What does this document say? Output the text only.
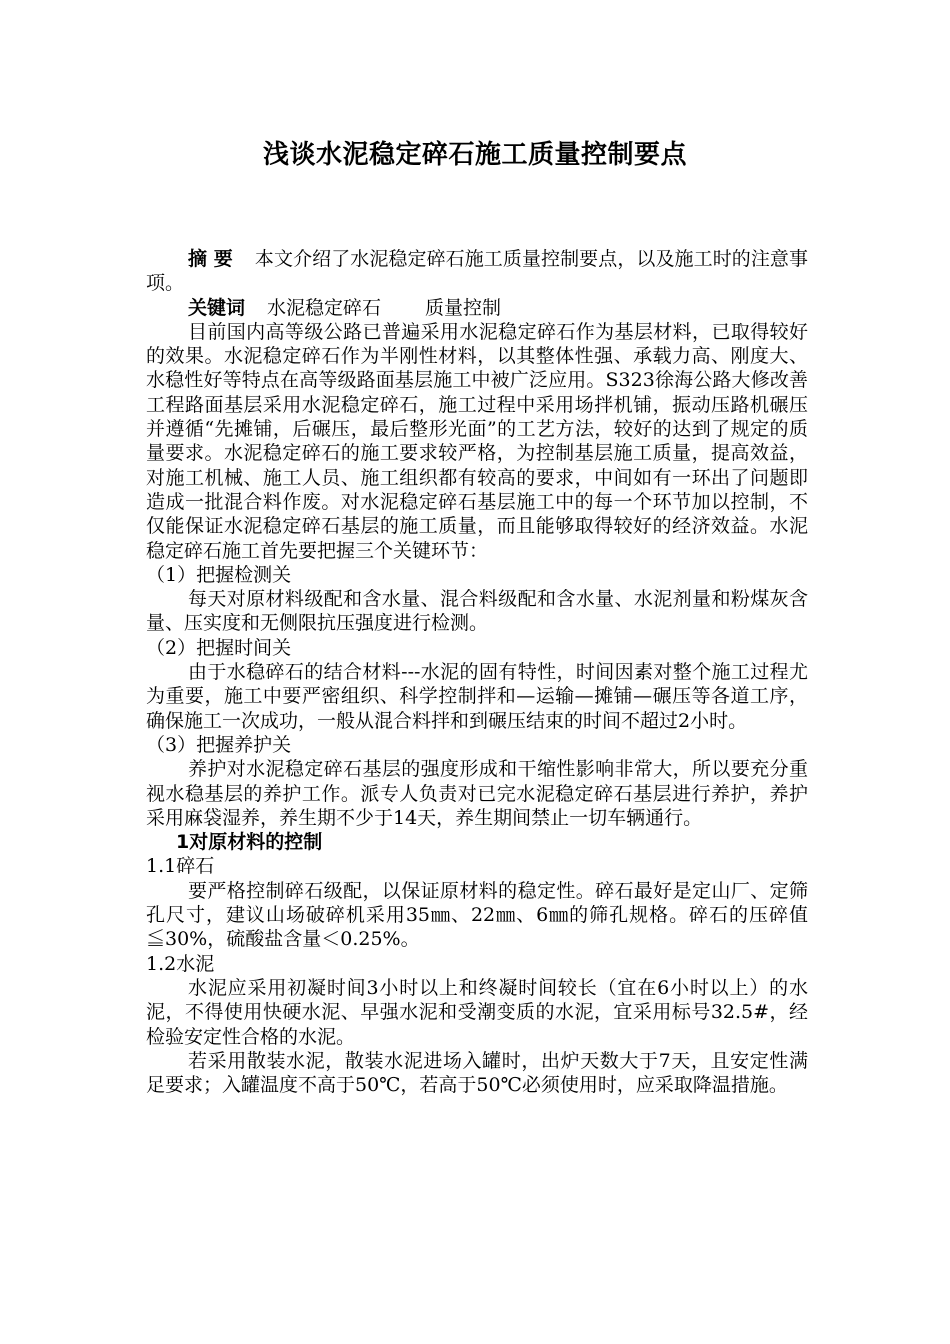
浅谈水泥稳定碎石施工质量控制要点

摘 要 本文介绍了水泥稳定碎石施工质量控制要点，以及施工时的注意事项。

关键词 水泥稳定碎石 质量控制

目前国内高等级公路已普遍采用水泥稳定碎石作为基层材料，已取得较好的效果。水泥稳定碎石作为半刚性材料，以其整体性强、承载力高、刚度大、水稳性好等特点在高等级路面基层施工中被广泛应用。S323徐海公路大修改善工程路面基层采用水泥稳定碎石，施工过程中采用场拌机铺，振动压路机碾压并遵循“先摊铺，后碾压，最后整形光面”的工艺方法，较好的达到了规定的质量要求。水泥稳定碎石的施工要求较严格，为控制基层施工质量，提高效益，对施工机械、施工人员、施工组织都有较高的要求，中间如有一环出了问题即造成一批混合料作废。对水泥稳定碎石基层施工中的每一个环节加以控制，不仅能保证水泥稳定碎石基层的施工质量，而且能够取得较好的经济效益。水泥稳定碎石施工首先要把握三个关键环节：

（1）把握检测关

每天对原材料级配和含水量、混合料级配和含水量、水泥剂量和粉煤灰含量、压实度和无侧限抗压强度进行检测。

（2）把握时间关

由于水稳碎石的结合材料---水泥的固有特性，时间因素对整个施工过程尤为重要，施工中要严密组织、科学控制拌和—运输—摊铺—碾压等各道工序，确保施工一次成功，一般从混合料拌和到碾压结束的时间不超过2小时。

（3）把握养护关

养护对水泥稳定碎石基层的强度形成和干缩性影响非常大，所以要充分重视水稳基层的养护工作。派专人负责对已完水泥稳定碎石基层进行养护，养护采用麻袋湿养，养生期不少于14天，养生期间禁止一切车辆通行。

1对原材料的控制

1.1碎石

要严格控制碎石级配，以保证原材料的稳定性。碎石最好是定山厂、定筛孔尺寸，建议山场破碎机采用35㎜、22㎜、6㎜的筛孔规格。碎石的压碎值≦30%，硫酸盐含量＜0.25%。

1.2水泥

水泥应采用初凝时间3小时以上和终凝时间较长（宜在6小时以上）的水泥，不得使用快硬水泥、早强水泥和受潮变质的水泥，宜采用标号32.5#，经检验安定性合格的水泥。

若采用散装水泥，散装水泥进场入罐时，出炉天数大于7天，且安定性满足要求；入罐温度不高于50℃，若高于50℃必须使用时，应采取降温措施。
